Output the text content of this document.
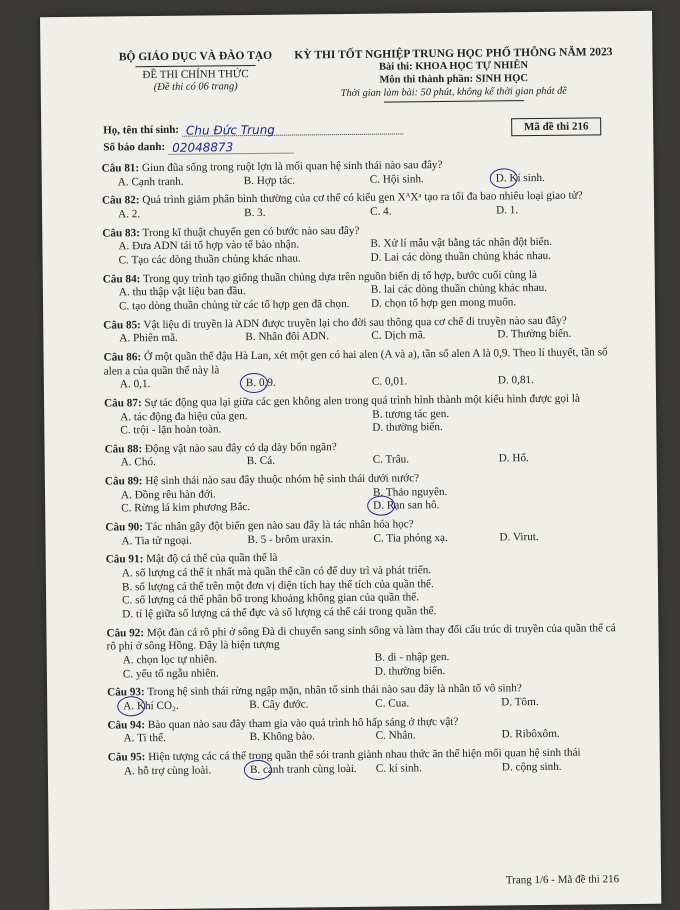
BỘ GIÁO DỤC VÀ ĐÀO TẠO
ĐỀ THI CHÍNH THỨC
(Đề thi có 06 trang)
KỲ THI TỐT NGHIỆP TRUNG HỌC PHỔ THÔNG NĂM 2023
Bài thi: KHOA HỌC TỰ NHIÊN
Môn thi thành phần: SINH HỌC
Thời gian làm bài: 50 phút, không kể thời gian phát đề
Họ, tên thí sinh: Chu Đức Trung
Số báo danh: 02048873
Mã đề thi 216
Câu 81: Giun đũa sống trong ruột lợn là mối quan hệ sinh thái nào sau đây?
A. Cạnh tranh.	B. Hợp tác.	C. Hội sinh.	D. Kí sinh.
Câu 82: Quá trình giảm phân bình thường của cơ thể có kiểu gen XᴬXᵃ tạo ra tối đa bao nhiêu loại giao tử?
A. 2.	B. 3.	C. 4.	D. 1.
Câu 83: Trong kĩ thuật chuyển gen có bước nào sau đây?
A. Đưa ADN tái tổ hợp vào tế bào nhận.	B. Xử lí mẫu vật bằng tác nhân đột biến.
C. Tạo các dòng thuần chủng khác nhau.	D. Lai các dòng thuần chủng khác nhau.
Câu 84: Trong quy trình tạo giống thuần chủng dựa trên nguồn biến dị tổ hợp, bước cuối cùng là
A. thu thập vật liệu ban đầu.	B. lai các dòng thuần chủng khác nhau.
C. tạo dòng thuần chủng từ các tổ hợp gen đã chọn.	D. chọn tổ hợp gen mong muốn.
Câu 85: Vật liệu di truyền là ADN được truyền lại cho đời sau thông qua cơ chế di truyền nào sau đây?
A. Phiên mã.	B. Nhân đôi ADN.	C. Dịch mã.	D. Thường biến.
Câu 86: Ở một quần thể đậu Hà Lan, xét một gen có hai alen (A và a), tần số alen A là 0,9. Theo lí thuyết, tần số alen a của quần thể này là
A. 0,1.	B. 0,9.	C. 0,01.	D. 0,81.
Câu 87: Sự tác động qua lại giữa các gen không alen trong quá trình hình thành một kiểu hình được gọi là
A. tác động đa hiệu của gen.	B. tương tác gen.
C. trội - lặn hoàn toàn.	D. thường biến.
Câu 88: Động vật nào sau đây có dạ dày bốn ngăn?
A. Chó.	B. Cá.	C. Trâu.	D. Hổ.
Câu 89: Hệ sinh thái nào sau đây thuộc nhóm hệ sinh thái dưới nước?
A. Đồng rêu hàn đới.	B. Thảo nguyên.
C. Rừng lá kim phương Bắc.	D. Rạn san hô.
Câu 90: Tác nhân gây đột biến gen nào sau đây là tác nhân hóa học?
A. Tia tử ngoại.	B. 5 - brôm uraxin.	C. Tia phóng xạ.	D. Virut.
Câu 91: Mật độ cá thể của quần thể là
A. số lượng cá thể ít nhất mà quần thể cần có để duy trì và phát triển.
B. số lượng cá thể trên một đơn vị diện tích hay thể tích của quần thể.
C. số lượng cá thể phân bố trong khoảng không gian của quần thể.
D. tỉ lệ giữa số lượng cá thể đực và số lượng cá thể cái trong quần thể.
Câu 92: Một đàn cá rô phi ở sông Đà di chuyển sang sinh sống và làm thay đổi cấu trúc di truyền của quần thể cá rô phi ở sông Hồng. Đây là hiện tượng
A. chọn lọc tự nhiên.	B. di - nhập gen.
C. yếu tố ngẫu nhiên.	D. thường biến.
Câu 93: Trong hệ sinh thái rừng ngập mặn, nhân tố sinh thái nào sau đây là nhân tố vô sinh?
A. Khí CO₂.	B. Cây đước.	C. Cua.	D. Tôm.
Câu 94: Bào quan nào sau đây tham gia vào quá trình hô hấp sáng ở thực vật?
A. Ti thể.	B. Không bào.	C. Nhân.	D. Ribôxôm.
Câu 95: Hiện tượng các cá thể trong quần thể sói tranh giành nhau thức ăn thể hiện mối quan hệ sinh thái
A. hỗ trợ cùng loài.	B. cạnh tranh cùng loài.	C. kí sinh.	D. cộng sinh.
Trang 1/6 - Mã đề thi 216
